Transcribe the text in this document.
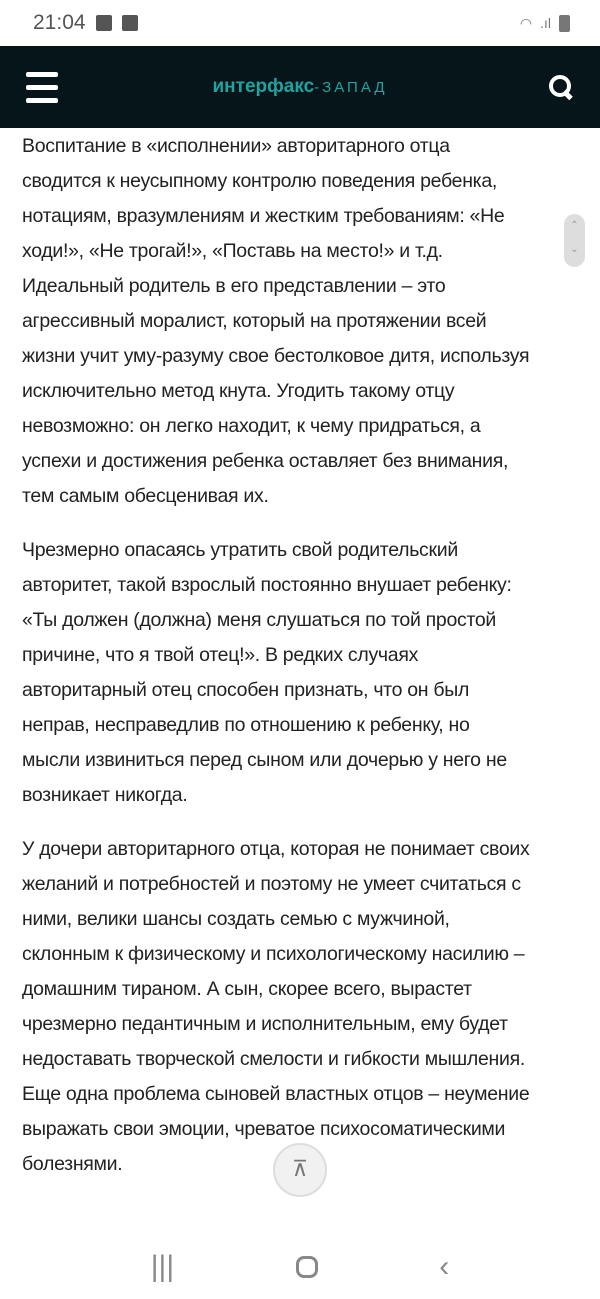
21:04	◠ .ıl
интерфакс-ЗАПАД

Воспитание в «исполнении» авторитарного отца
сводится к неусыпному контролю поведения ребенка,
нотациям, вразумлениям и жестким требованиям: «Не
ходи!», «Не трогай!», «Поставь на место!» и т.д.
Идеальный родитель в его представлении – это
агрессивный моралист, который на протяжении всей
жизни учит уму-разуму свое бестолковое дитя, используя
исключительно метод кнута. Угодить такому отцу
невозможно: он легко находит, к чему придраться, а
успехи и достижения ребенка оставляет без внимания,
тем самым обесценивая их.

Чрезмерно опасаясь утратить свой родительский
авторитет, такой взрослый постоянно внушает ребенку:
«Ты должен (должна) меня слушаться по той простой
причине, что я твой отец!». В редких случаях
авторитарный отец способен признать, что он был
неправ, несправедлив по отношению к ребенку, но
мысли извиниться перед сыном или дочерью у него не
возникает никогда.

У дочери авторитарного отца, которая не понимает своих
желаний и потребностей и поэтому не умеет считаться с
ними, велики шансы создать семью с мужчиной,
склонным к физическому и психологическому насилию –
домашним тираном. А сын, скорее всего, вырастет
чрезмерно педантичным и исполнительным, ему будет
недоставать творческой смелости и гибкости мышления.
Еще одна проблема сыновей властных отцов – неумение
выражать свои эмоции, чреватое психосоматическими
болезнями.

⌃
⌄
⊼
|||	‹
